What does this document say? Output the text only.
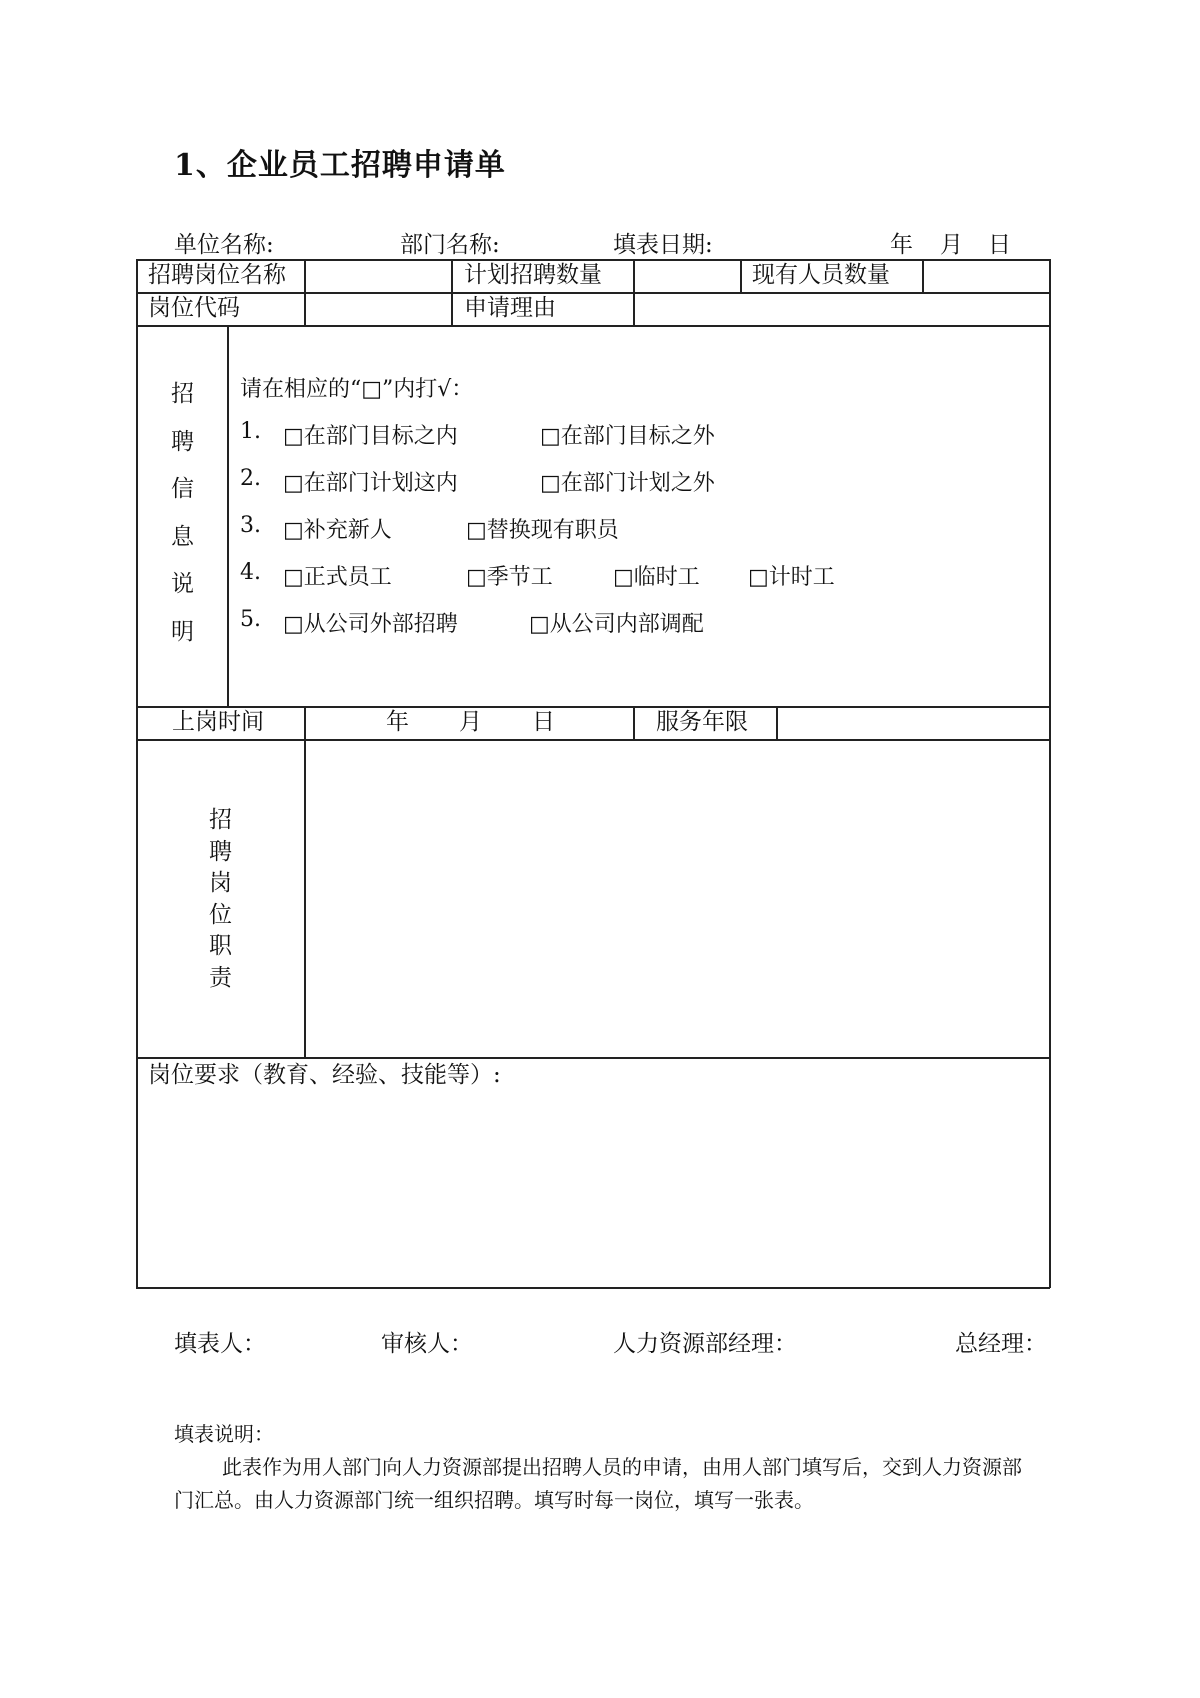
1、企业员工招聘申请单
单位名称:	部门名称:	填表日期:	年 月 日
招聘岗位名称	计划招聘数量	现有人员数量
岗位代码	申请理由
招
聘
信
息
说
明
请在相应的“□”内打√：
1. □在部门目标之内	□在部门目标之外
2. □在部门计划这内	□在部门计划之外
3. □补充新人	□替换现有职员
4. □正式员工	□季节工	□临时工 □计时工
5. □从公司外部招聘	□从公司内部调配
上岗时间	年 月 日	服务年限
招
聘
岗
位
职
责
岗位要求（教育、经验、技能等）:
填表人：	审核人：	人力资源部经理：	总经理：
填表说明：
此表作为用人部门向人力资源部提出招聘人员的申请，由用人部门填写后，交到人力资源部
门汇总。由人力资源部门统一组织招聘。填写时每一岗位，填写一张表。
